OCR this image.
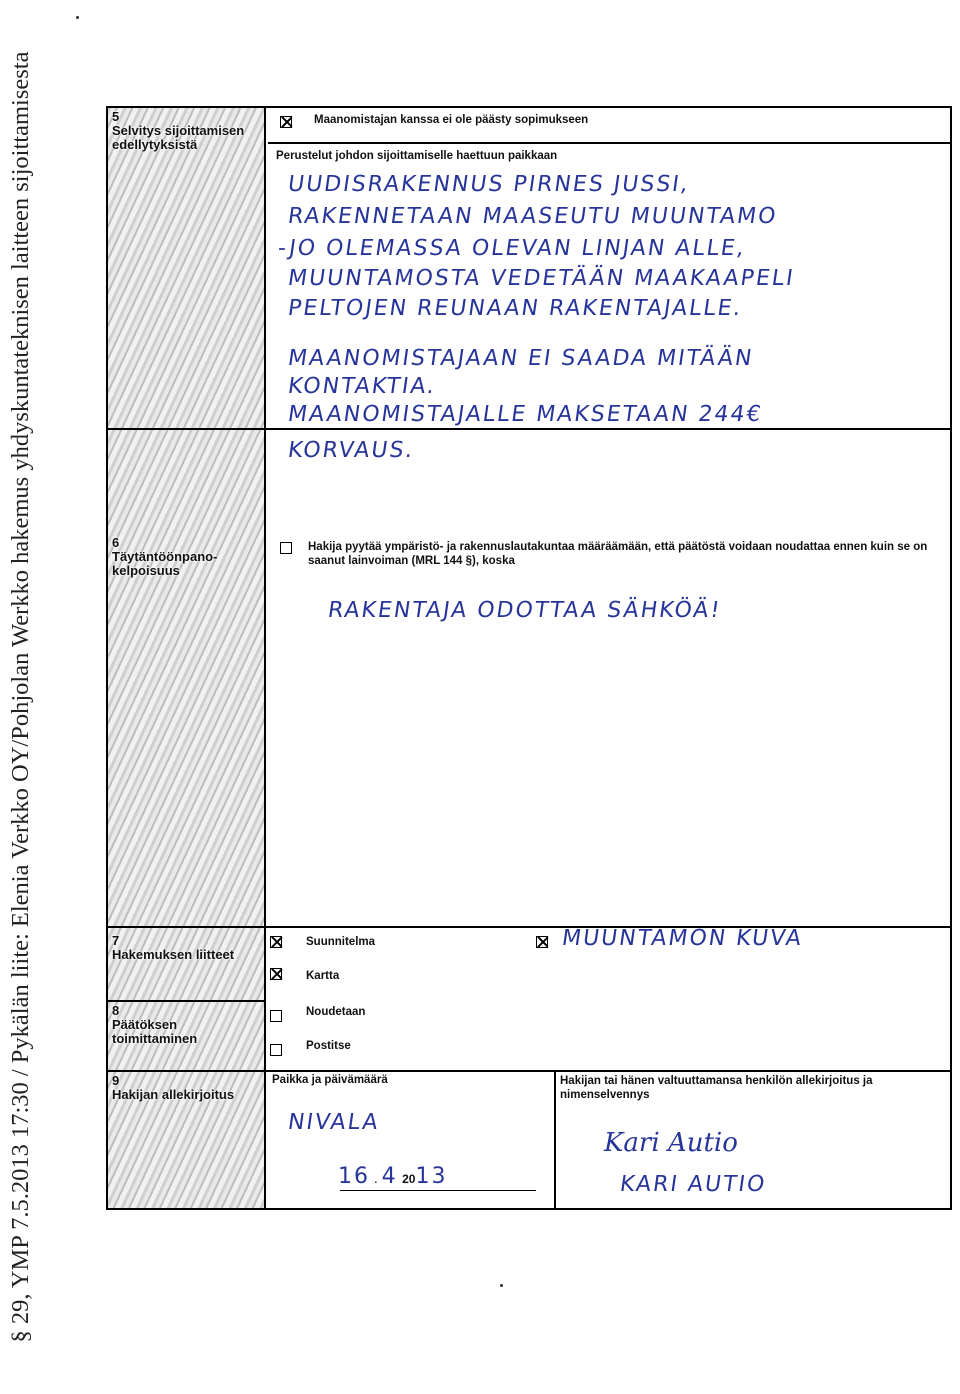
§ 29, YMP 7.5.2013 17:30 / Pykälän liite: Elenia Verkko OY/Pohjolan Werkko hakemus yhdyskuntateknisen laitteen sijoittamisesta	5
Selvitys sijoittamisen edellytyksistä
Maanomistajan kanssa ei ole päästy sopimukseen
Perustelut johdon sijoittamiselle haettuun paikkaan
UUDISRAKENNUS PIRNES JUSSI,
RAKENNETAAN MAASEUTU MUUNTAMO
-JO OLEMASSA OLEVAN LINJAN ALLE,
MUUNTAMOSTA VEDETÄÄN MAAKAAPELI
PELTOJEN REUNAAN RAKENTAJALLE.
MAANOMISTAJAAN EI SAADA MITÄÄN
KONTAKTIA.
MAANOMISTAJALLE MAKSETAAN 244€
KORVAUS.
6
Täytäntöönpano-kelpoisuus
Hakija pyytää ympäristö- ja rakennuslautakuntaa määräämään, että päätöstä voidaan noudattaa ennen kuin se on saanut lainvoiman (MRL 144 §), koska
RAKENTAJA ODOTTAA SÄHKÖÄ!
7
Hakemuksen liitteet
Suunnitelma
Kartta
MUUNTAMON KUVA
8
Päätöksen toimittaminen
Noudetaan
Postitse
9
Hakijan allekirjoitus
Paikka ja päivämäärä
NIVALA
16 . 4 2013
Hakijan tai hänen valtuuttamansa henkilön allekirjoitus ja nimenselvennys
Kari Autio
KARI AUTIO
